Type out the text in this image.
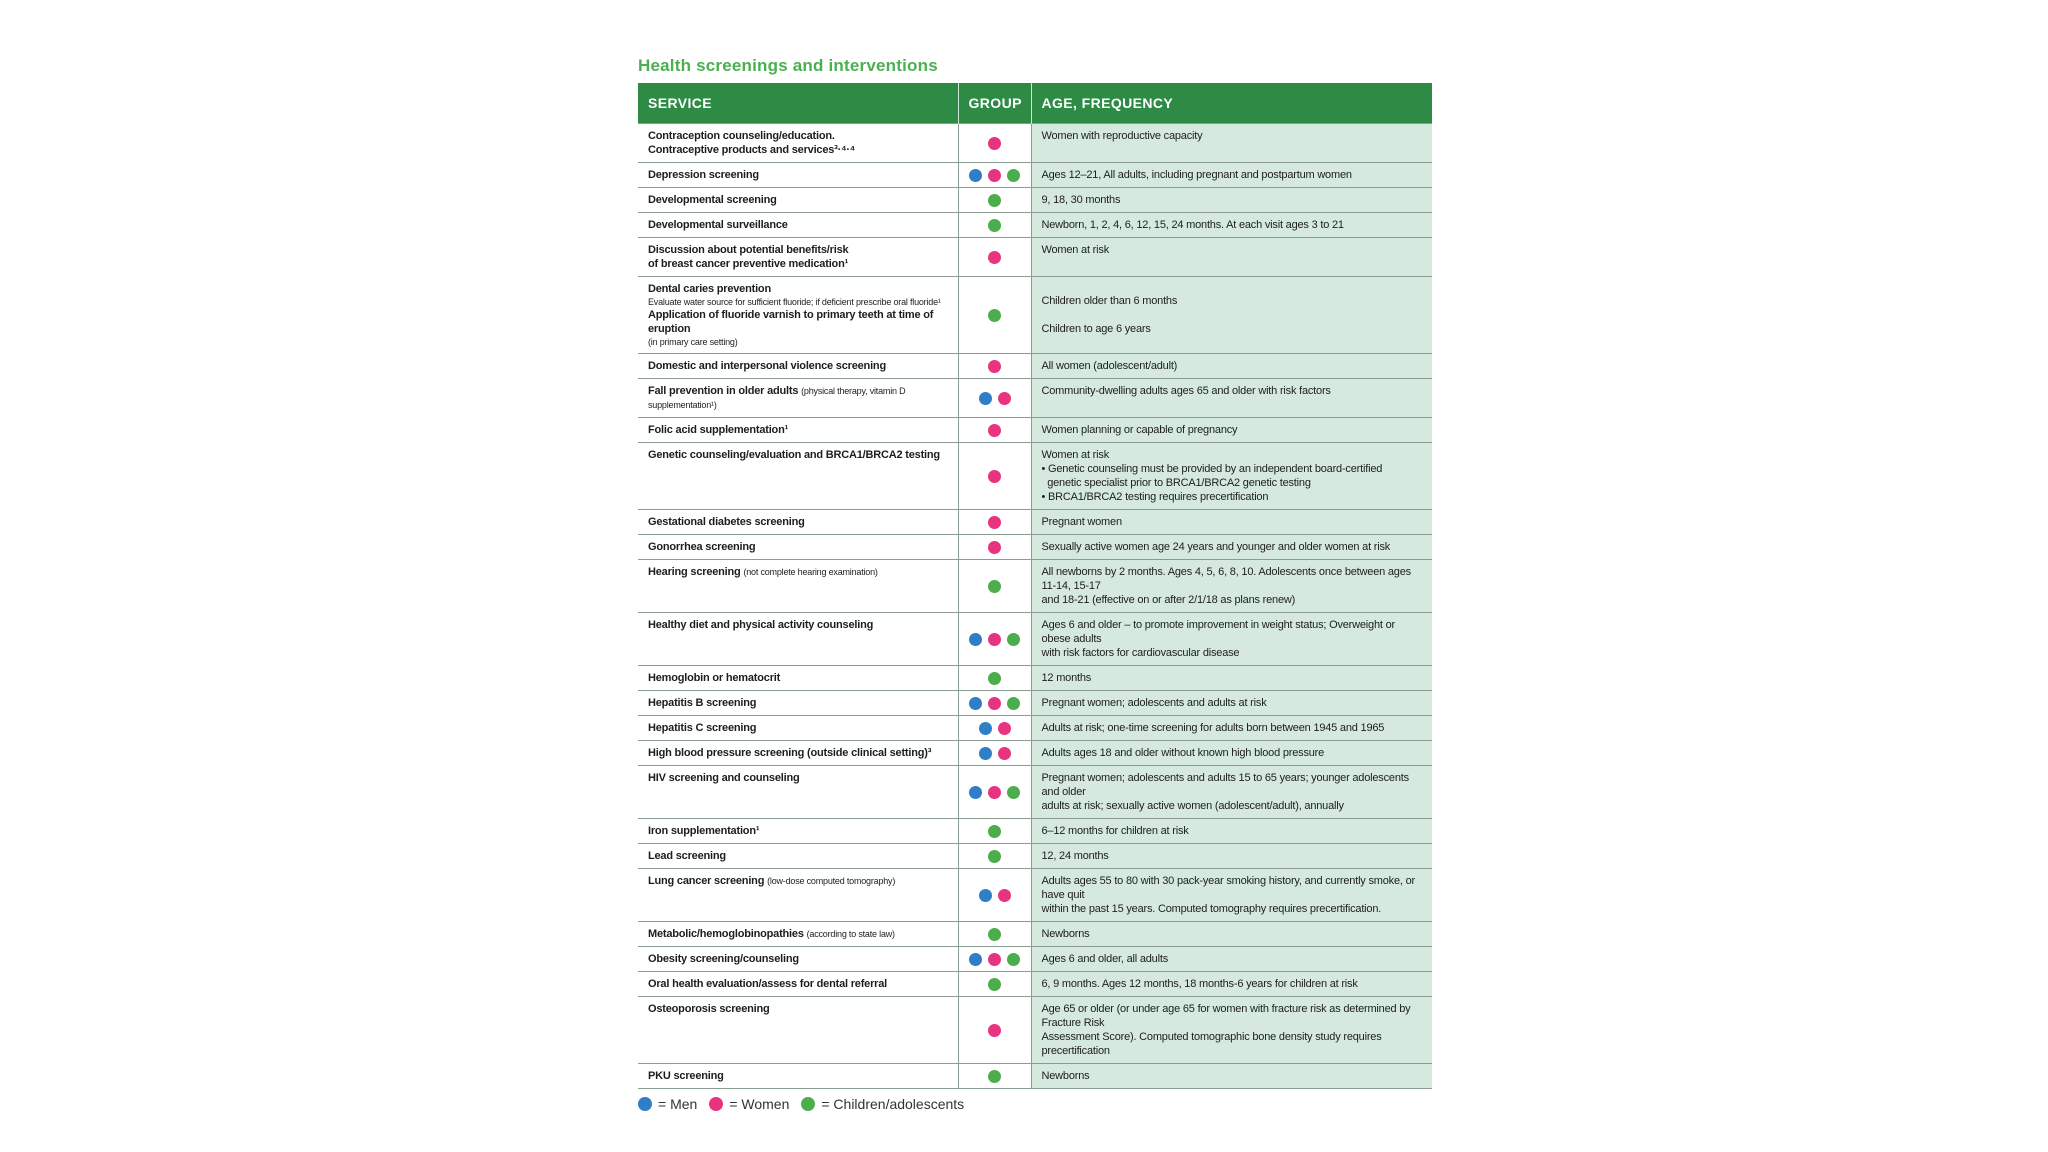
Health screenings and interventions
SERVICE	GROUP	AGE, FREQUENCY

Contraception counseling/education.
Contraceptive products and services³·⁴·⁴		Women with reproductive capacity

Depression screening		Ages 12–21, All adults, including pregnant and postpartum women

Developmental screening		9, 18, 30 months

Developmental surveillance		Newborn, 1, 2, 4, 6, 12, 15, 24 months. At each visit ages 3 to 21

Discussion about potential benefits/risk
of breast cancer preventive medication¹		Women at risk

Dental caries prevention
Evaluate water source for sufficient fluoride; if deficient prescribe oral fluoride¹
Application of fluoride varnish to primary teeth at time of eruption
(in primary care setting)		Children older than 6 months
Children to age 6 years

Domestic and interpersonal violence screening		All women (adolescent/adult)

Fall prevention in older adults (physical therapy, vitamin D supplementation¹)		Community-dwelling adults ages 65 and older with risk factors

Folic acid supplementation¹		Women planning or capable of pregnancy

Genetic counseling/evaluation and BRCA1/BRCA2 testing		Women at risk
• Genetic counseling must be provided by an independent board-certified
genetic specialist prior to BRCA1/BRCA2 genetic testing
• BRCA1/BRCA2 testing requires precertification

Gestational diabetes screening		Pregnant women

Gonorrhea screening		Sexually active women age 24 years and younger and older women at risk

Hearing screening (not complete hearing examination)		All newborns by 2 months. Ages 4, 5, 6, 8, 10. Adolescents once between ages 11-14, 15-17
and 18-21 (effective on or after 2/1/18 as plans renew)

Healthy diet and physical activity counseling		Ages 6 and older – to promote improvement in weight status; Overweight or obese adults
with risk factors for cardiovascular disease

Hemoglobin or hematocrit		12 months

Hepatitis B screening		Pregnant women; adolescents and adults at risk

Hepatitis C screening		Adults at risk; one-time screening for adults born between 1945 and 1965

High blood pressure screening (outside clinical setting)³		Adults ages 18 and older without known high blood pressure

HIV screening and counseling		Pregnant women; adolescents and adults 15 to 65 years; younger adolescents and older
adults at risk; sexually active women (adolescent/adult), annually

Iron supplementation¹		6–12 months for children at risk

Lead screening		12, 24 months

Lung cancer screening (low-dose computed tomography)		Adults ages 55 to 80 with 30 pack-year smoking history, and currently smoke, or have quit
within the past 15 years. Computed tomography requires precertification.

Metabolic/hemoglobinopathies (according to state law)		Newborns

Obesity screening/counseling		Ages 6 and older, all adults

Oral health evaluation/assess for dental referral		6, 9 months. Ages 12 months, 18 months-6 years for children at risk

Osteoporosis screening		Age 65 or older (or under age 65 for women with fracture risk as determined by Fracture Risk
Assessment Score). Computed tomographic bone density study requires precertification

PKU screening		Newborns
= Men = Women = Children/adolescents
